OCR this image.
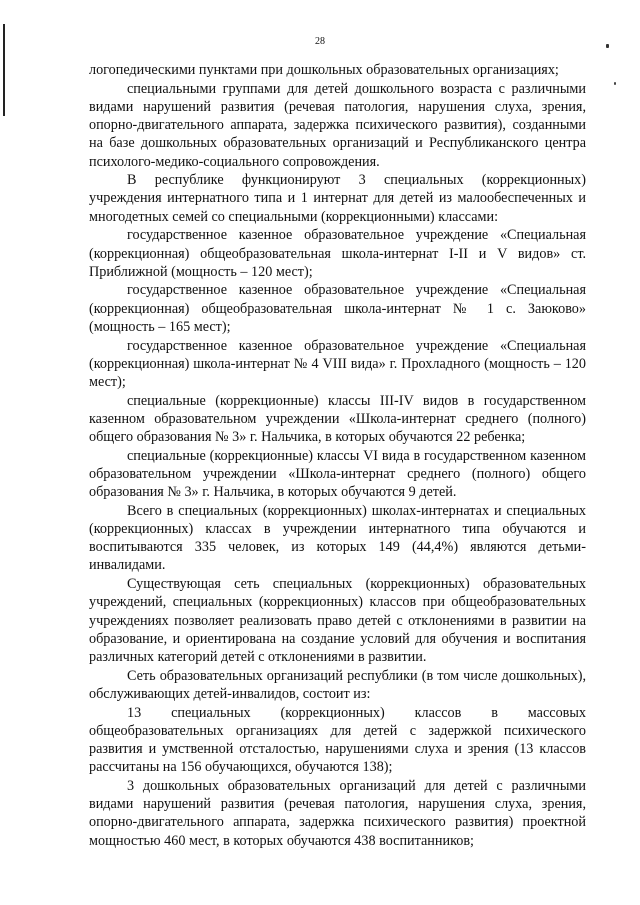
28

логопедическими пунктами при дошкольных образовательных организациях;

специальными группами для детей дошкольного возраста с различными видами нарушений развития (речевая патология, нарушения слуха, зрения, опорно-двигательного аппарата, задержка психического развития), созданными на базе дошкольных образовательных организаций и Республиканского центра психолого-медико-социального сопровождения.

В республике функционируют 3 специальных (коррекционных) учреждения интернатного типа и 1 интернат для детей из малообеспеченных и многодетных семей со специальными (коррекционными) классами:

государственное казенное образовательное учреждение «Специальная (коррекционная) общеобразовательная школа-интернат I-II и V видов» ст. Приближной (мощность – 120 мест);

государственное казенное образовательное учреждение «Специальная (коррекционная) общеобразовательная школа-интернат № 1 с. Заюково» (мощность – 165 мест);

государственное казенное образовательное учреждение «Специальная (коррекционная) школа-интернат № 4 VIII вида» г. Прохладного (мощность – 120 мест);

специальные (коррекционные) классы III-IV видов в государственном казенном образовательном учреждении «Школа-интернат среднего (полного) общего образования № 3» г. Нальчика, в которых обучаются 22 ребенка;

специальные (коррекционные) классы VI вида в государственном казенном образовательном учреждении «Школа-интернат среднего (полного) общего образования № 3» г. Нальчика, в которых обучаются 9 детей.

Всего в специальных (коррекционных) школах-интернатах и специальных (коррекционных) классах в учреждении интернатного типа обучаются и воспитываются 335 человек, из которых 149 (44,4%) являются детьми-инвалидами.

Существующая сеть специальных (коррекционных) образовательных учреждений, специальных (коррекционных) классов при общеобразовательных учреждениях позволяет реализовать право детей с отклонениями в развитии на образование, и ориентирована на создание условий для обучения и воспитания различных категорий детей с отклонениями в развитии.

Сеть образовательных организаций республики (в том числе дошкольных), обслуживающих детей-инвалидов, состоит из:

13 специальных (коррекционных) классов в массовых общеобразовательных организациях для детей с задержкой психического развития и умственной отсталостью, нарушениями слуха и зрения (13 классов рассчитаны на 156 обучающихся, обучаются 138);

3 дошкольных образовательных организаций для детей с различными видами нарушений развития (речевая патология, нарушения слуха, зрения, опорно-двигательного аппарата, задержка психического развития) проектной мощностью 460 мест, в которых обучаются 438 воспитанников;
